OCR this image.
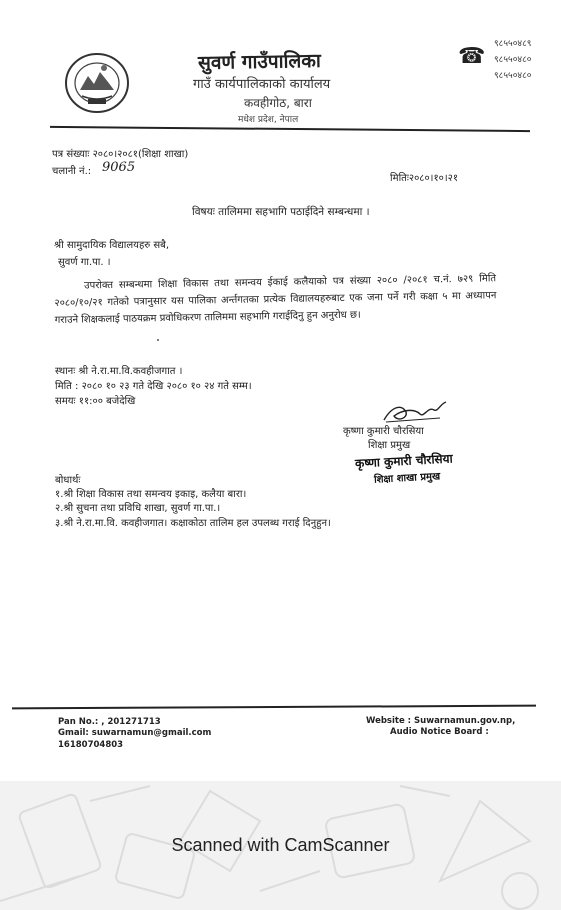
सुवर्ण गाउँपालिका
गाउँ कार्यपालिकाको कार्यालय
कवहीगोठ, बारा
मधेश प्रदेश, नेपाल
☎ ९८५५०४८९
९८५५०४८०
९८५५०४८०
पत्र संख्याः २०८०।२०८१(शिक्षा शाखा)
चलानी नं.: 9065
मितिः२०८०।१०।२१
विषयः तालिममा सहभागि पठाईदिने सम्बन्धमा ।
श्री सामुदायिक विद्यालयहरु सबै,
सुवर्ण गा.पा. ।
उपरोक्त सम्बन्धमा शिक्षा विकास तथा समन्वय ईकाई कलैयाको पत्र संख्या २०८० /२०८१ च.नं. ७२९ मिति २०८०/१०/२१ गतेको पत्रानुसार यस पालिका अर्न्तगतका प्रत्येक विद्यालयहरुबाट एक जना पर्ने गरी कक्षा ५ मा अध्यापन गराउने शिक्षकलाई पाठयक्रम प्रवोधिकरण तालिममा सहभागि गराईदिनु हुन अनुरोध छ।
स्थानः श्री ने.रा.मा.वि.कवहीजगात ।
मिति : २०८० १० २३ गते देखि २०८० १० २४ गते सम्म।
समयः ११:०० बजेदेखि
कृष्णा कुमारी चौरसिया
शिक्षा प्रमुख
कृष्णा कुमारी चौरसिया
शिक्षा शाखा प्रमुख
बोधार्थः
१.श्री शिक्षा विकास तथा समन्वय इकाइ, कलैया बारा।
२.श्री सुचना तथा प्रविधि शाखा, सुवर्ण गा.पा.।
३.श्री ने.रा.मा.वि. कवहीजगात। कक्षाकोठा तालिम हल उपलब्ध गराई दिनुहुन।
Pan No.: , 201271713
Gmail: suwarnamun@gmail.com
16180704803
Website : Suwarnamun.gov.np,
Audio Notice Board :
Scanned with CamScanner
